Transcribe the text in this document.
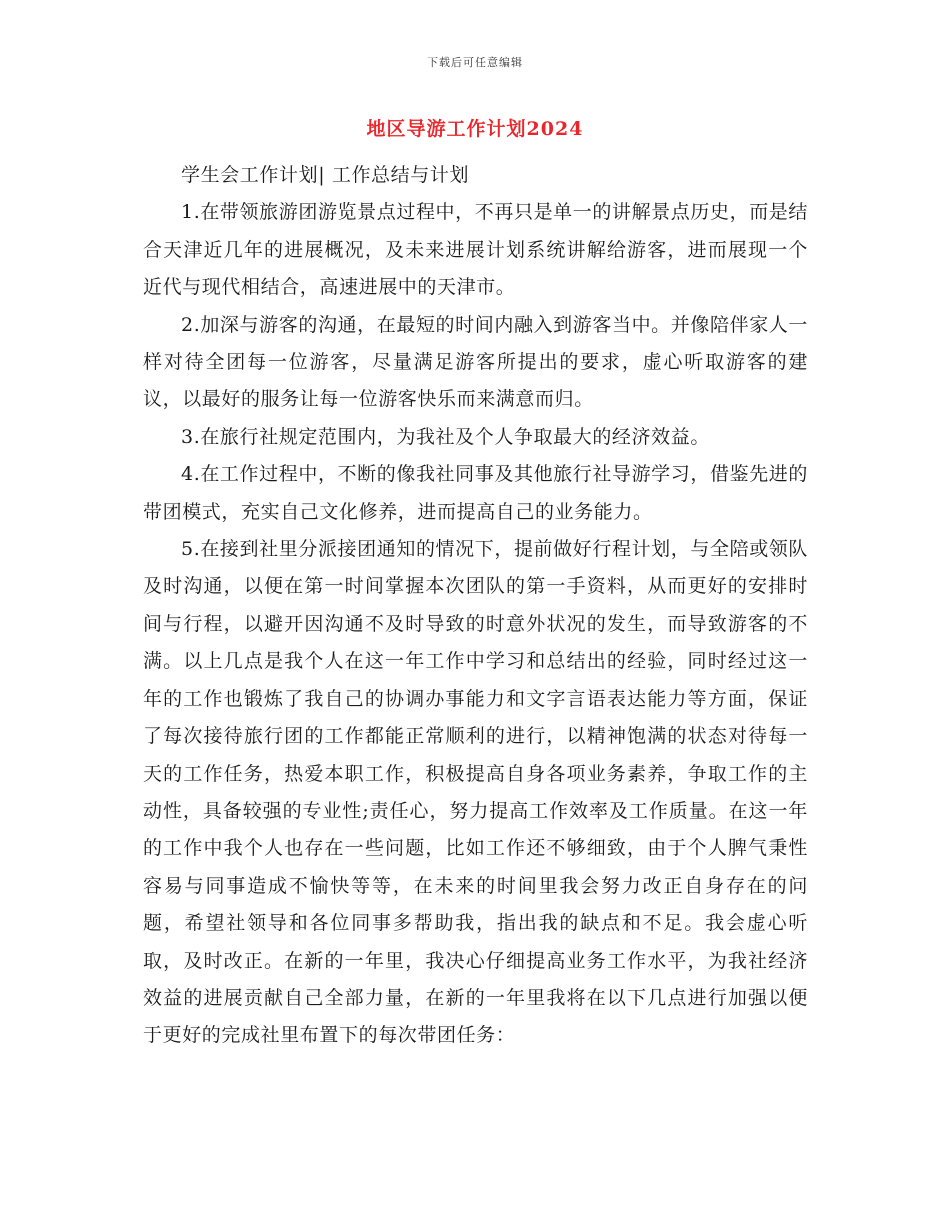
下载后可任意编辑
地区导游工作计划2024

学生会工作计划| 工作总结与计划

1.在带领旅游团游览景点过程中，不再只是单一的讲解景点历史，而是结合天津近几年的进展概况，及未来进展计划系统讲解给游客，进而展现一个近代与现代相结合，高速进展中的天津市。

2.加深与游客的沟通，在最短的时间内融入到游客当中。并像陪伴家人一样对待全团每一位游客，尽量满足游客所提出的要求，虚心听取游客的建议，以最好的服务让每一位游客快乐而来满意而归。

3.在旅行社规定范围内，为我社及个人争取最大的经济效益。

4.在工作过程中，不断的像我社同事及其他旅行社导游学习，借鉴先进的带团模式，充实自己文化修养，进而提高自己的业务能力。

5.在接到社里分派接团通知的情况下，提前做好行程计划，与全陪或领队及时沟通，以便在第一时间掌握本次团队的第一手资料，从而更好的安排时间与行程，以避开因沟通不及时导致的时意外状况的发生，而导致游客的不满。以上几点是我个人在这一年工作中学习和总结出的经验，同时经过这一年的工作也锻炼了我自己的协调办事能力和文字言语表达能力等方面，保证了每次接待旅行团的工作都能正常顺利的进行，以精神饱满的状态对待每一天的工作任务，热爱本职工作，积极提高自身各项业务素养，争取工作的主动性，具备较强的专业性;责任心，努力提高工作效率及工作质量。在这一年的工作中我个人也存在一些问题，比如工作还不够细致，由于个人脾气秉性容易与同事造成不愉快等等，在未来的时间里我会努力改正自身存在的问题，希望社领导和各位同事多帮助我，指出我的缺点和不足。我会虚心听取，及时改正。在新的一年里，我决心仔细提高业务工作水平，为我社经济效益的进展贡献自己全部力量，在新的一年里我将在以下几点进行加强以便于更好的完成社里布置下的每次带团任务：
